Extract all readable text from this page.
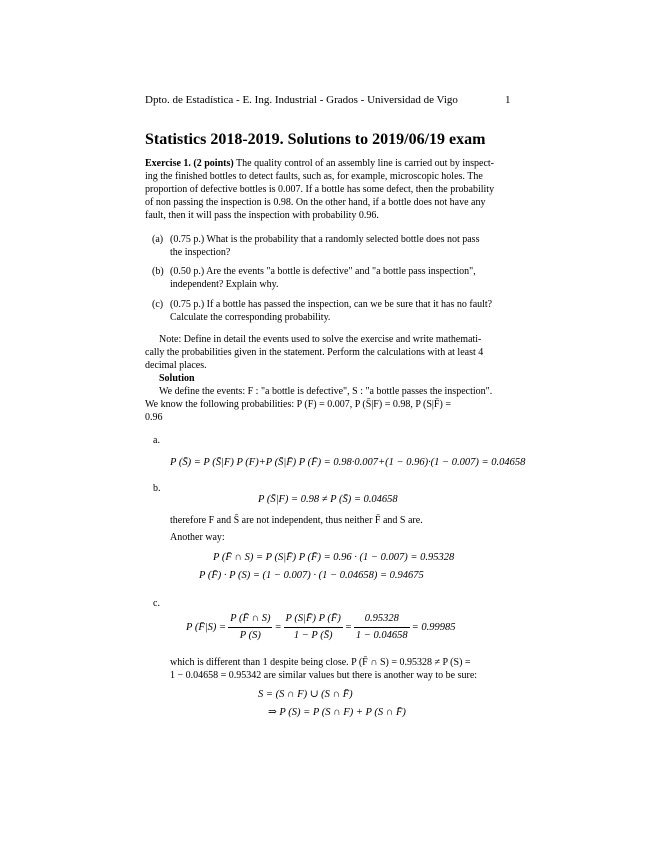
Dpto. de Estadística - E. Ing. Industrial - Grados - Universidad de Vigo	1
Statistics 2018-2019. Solutions to 2019/06/19 exam
Exercise 1. (2 points) The quality control of an assembly line is carried out by inspect-
ing the finished bottles to detect faults, such as, for example, microscopic holes. The
proportion of defective bottles is 0.007. If a bottle has some defect, then the probability
of non passing the inspection is 0.98. On the other hand, if a bottle does not have any
fault, then it will pass the inspection with probability 0.96.
(a) (0.75 p.) What is the probability that a randomly selected bottle does not pass
the inspection?
(b) (0.50 p.) Are the events "a bottle is defective" and "a bottle pass inspection",
independent? Explain why.
(c) (0.75 p.) If a bottle has passed the inspection, can we be sure that it has no fault?
Calculate the corresponding probability.
Note: Define in detail the events used to solve the exercise and write mathemati-
cally the probabilities given in the statement. Perform the calculations with at least 4
decimal places.
Solution
We define the events: F : "a bottle is defective", S : "a bottle passes the inspection".
We know the following probabilities: P (F) = 0.007, P (S̄|F) = 0.98, P (S|F̄) =
0.96
a.
P (S̄) = P (S̄|F) P (F)+P (S̄|F̄) P (F̄) = 0.98·0.007+(1 − 0.96)·(1 − 0.007) = 0.04658
b.
P (S̄|F) = 0.98 ≠ P (S̄) = 0.04658
therefore F and S̄ are not independent, thus neither F̄ and S are.
Another way:
P (F̄ ∩ S) = P (S|F̄) P (F̄) = 0.96 · (1 − 0.007) = 0.95328
P (F̄) · P (S) = (1 − 0.007) · (1 − 0.04658) = 0.94675
c.
P (F̄|S) = $\frac{P (F̄ \cap S)}{P (S)} = \frac{P (S|F̄) P (F̄)}{1 - P (S̄)} = \frac{0.95328}{1 - 0.04658} = 0.99985$
which is different than 1 despite being close. P (F̄ ∩ S) = 0.95328 ≠ P (S) =
1 − 0.04658 = 0.95342 are similar values but there is another way to be sure:
S = (S ∩ F) ∪ (S ∩ F̄)
⇒ P (S) = P (S ∩ F) + P (S ∩ F̄)
